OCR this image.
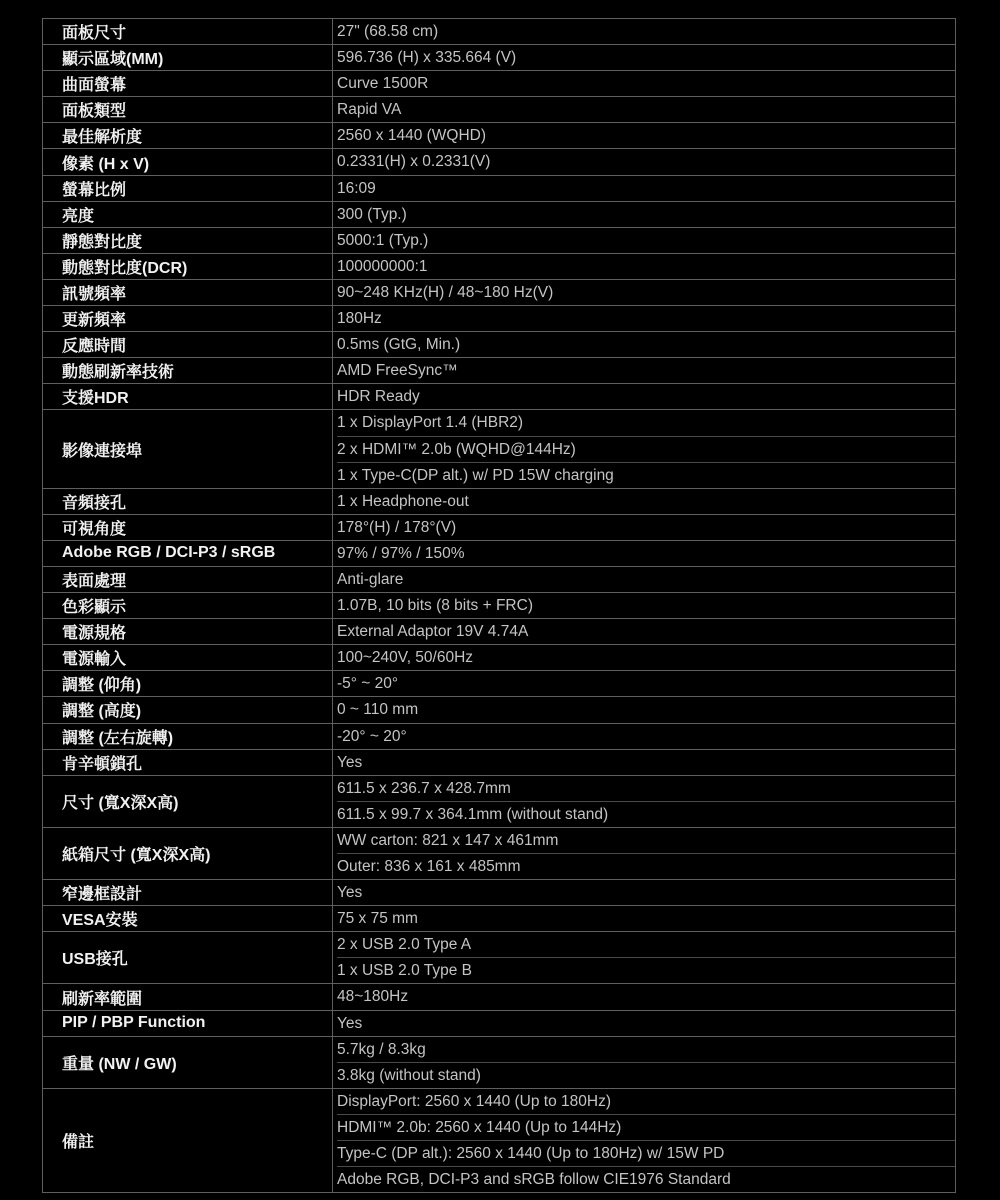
面板尺寸	27" (68.58 cm)

顯示區域(MM)	596.736 (H) x 335.664 (V)

曲面螢幕	Curve 1500R

面板類型	Rapid VA

最佳解析度	2560 x 1440 (WQHD)

像素 (H x V)	0.2331(H) x 0.2331(V)

螢幕比例	16:09

亮度	300 (Typ.)

靜態對比度	5000:1 (Typ.)

動態對比度(DCR)	100000000:1

訊號頻率	90~248 KHz(H) / 48~180 Hz(V)

更新頻率	180Hz

反應時間	0.5ms (GtG, Min.)

動態刷新率技術	AMD FreeSync™

支援HDR	HDR Ready

影像連接埠	1 x DisplayPort 1.4 (HBR2)
2 x HDMI™ 2.0b (WQHD@144Hz)
1 x Type-C(DP alt.) w/ PD 15W charging

音頻接孔	1 x Headphone-out

可視角度	178°(H) / 178°(V)

Adobe RGB / DCI-P3 / sRGB	97% / 97% / 150%

表面處理	Anti-glare

色彩顯示	1.07B, 10 bits (8 bits + FRC)

電源規格	External Adaptor 19V 4.74A

電源輸入	100~240V, 50/60Hz

調整 (仰角)	-5° ~ 20°

調整 (高度)	0 ~ 110 mm

調整 (左右旋轉)	-20° ~ 20°

肯辛頓鎖孔	Yes

尺寸 (寬X深X高)	611.5 x 236.7 x 428.7mm
611.5 x 99.7 x 364.1mm (without stand)

紙箱尺寸 (寬X深X高)	WW carton: 821 x 147 x 461mm
Outer: 836 x 161 x 485mm

窄邊框設計	Yes

VESA安裝	75 x 75 mm

USB接孔	2 x USB 2.0 Type A
1 x USB 2.0 Type B

刷新率範圍	48~180Hz

PIP / PBP Function	Yes

重量 (NW / GW)	5.7kg / 8.3kg
3.8kg (without stand)

備註	DisplayPort: 2560 x 1440 (Up to 180Hz)
HDMI™ 2.0b: 2560 x 1440 (Up to 144Hz)
Type-C (DP alt.): 2560 x 1440 (Up to 180Hz) w/ 15W PD
Adobe RGB, DCI-P3 and sRGB follow CIE1976 Standard
